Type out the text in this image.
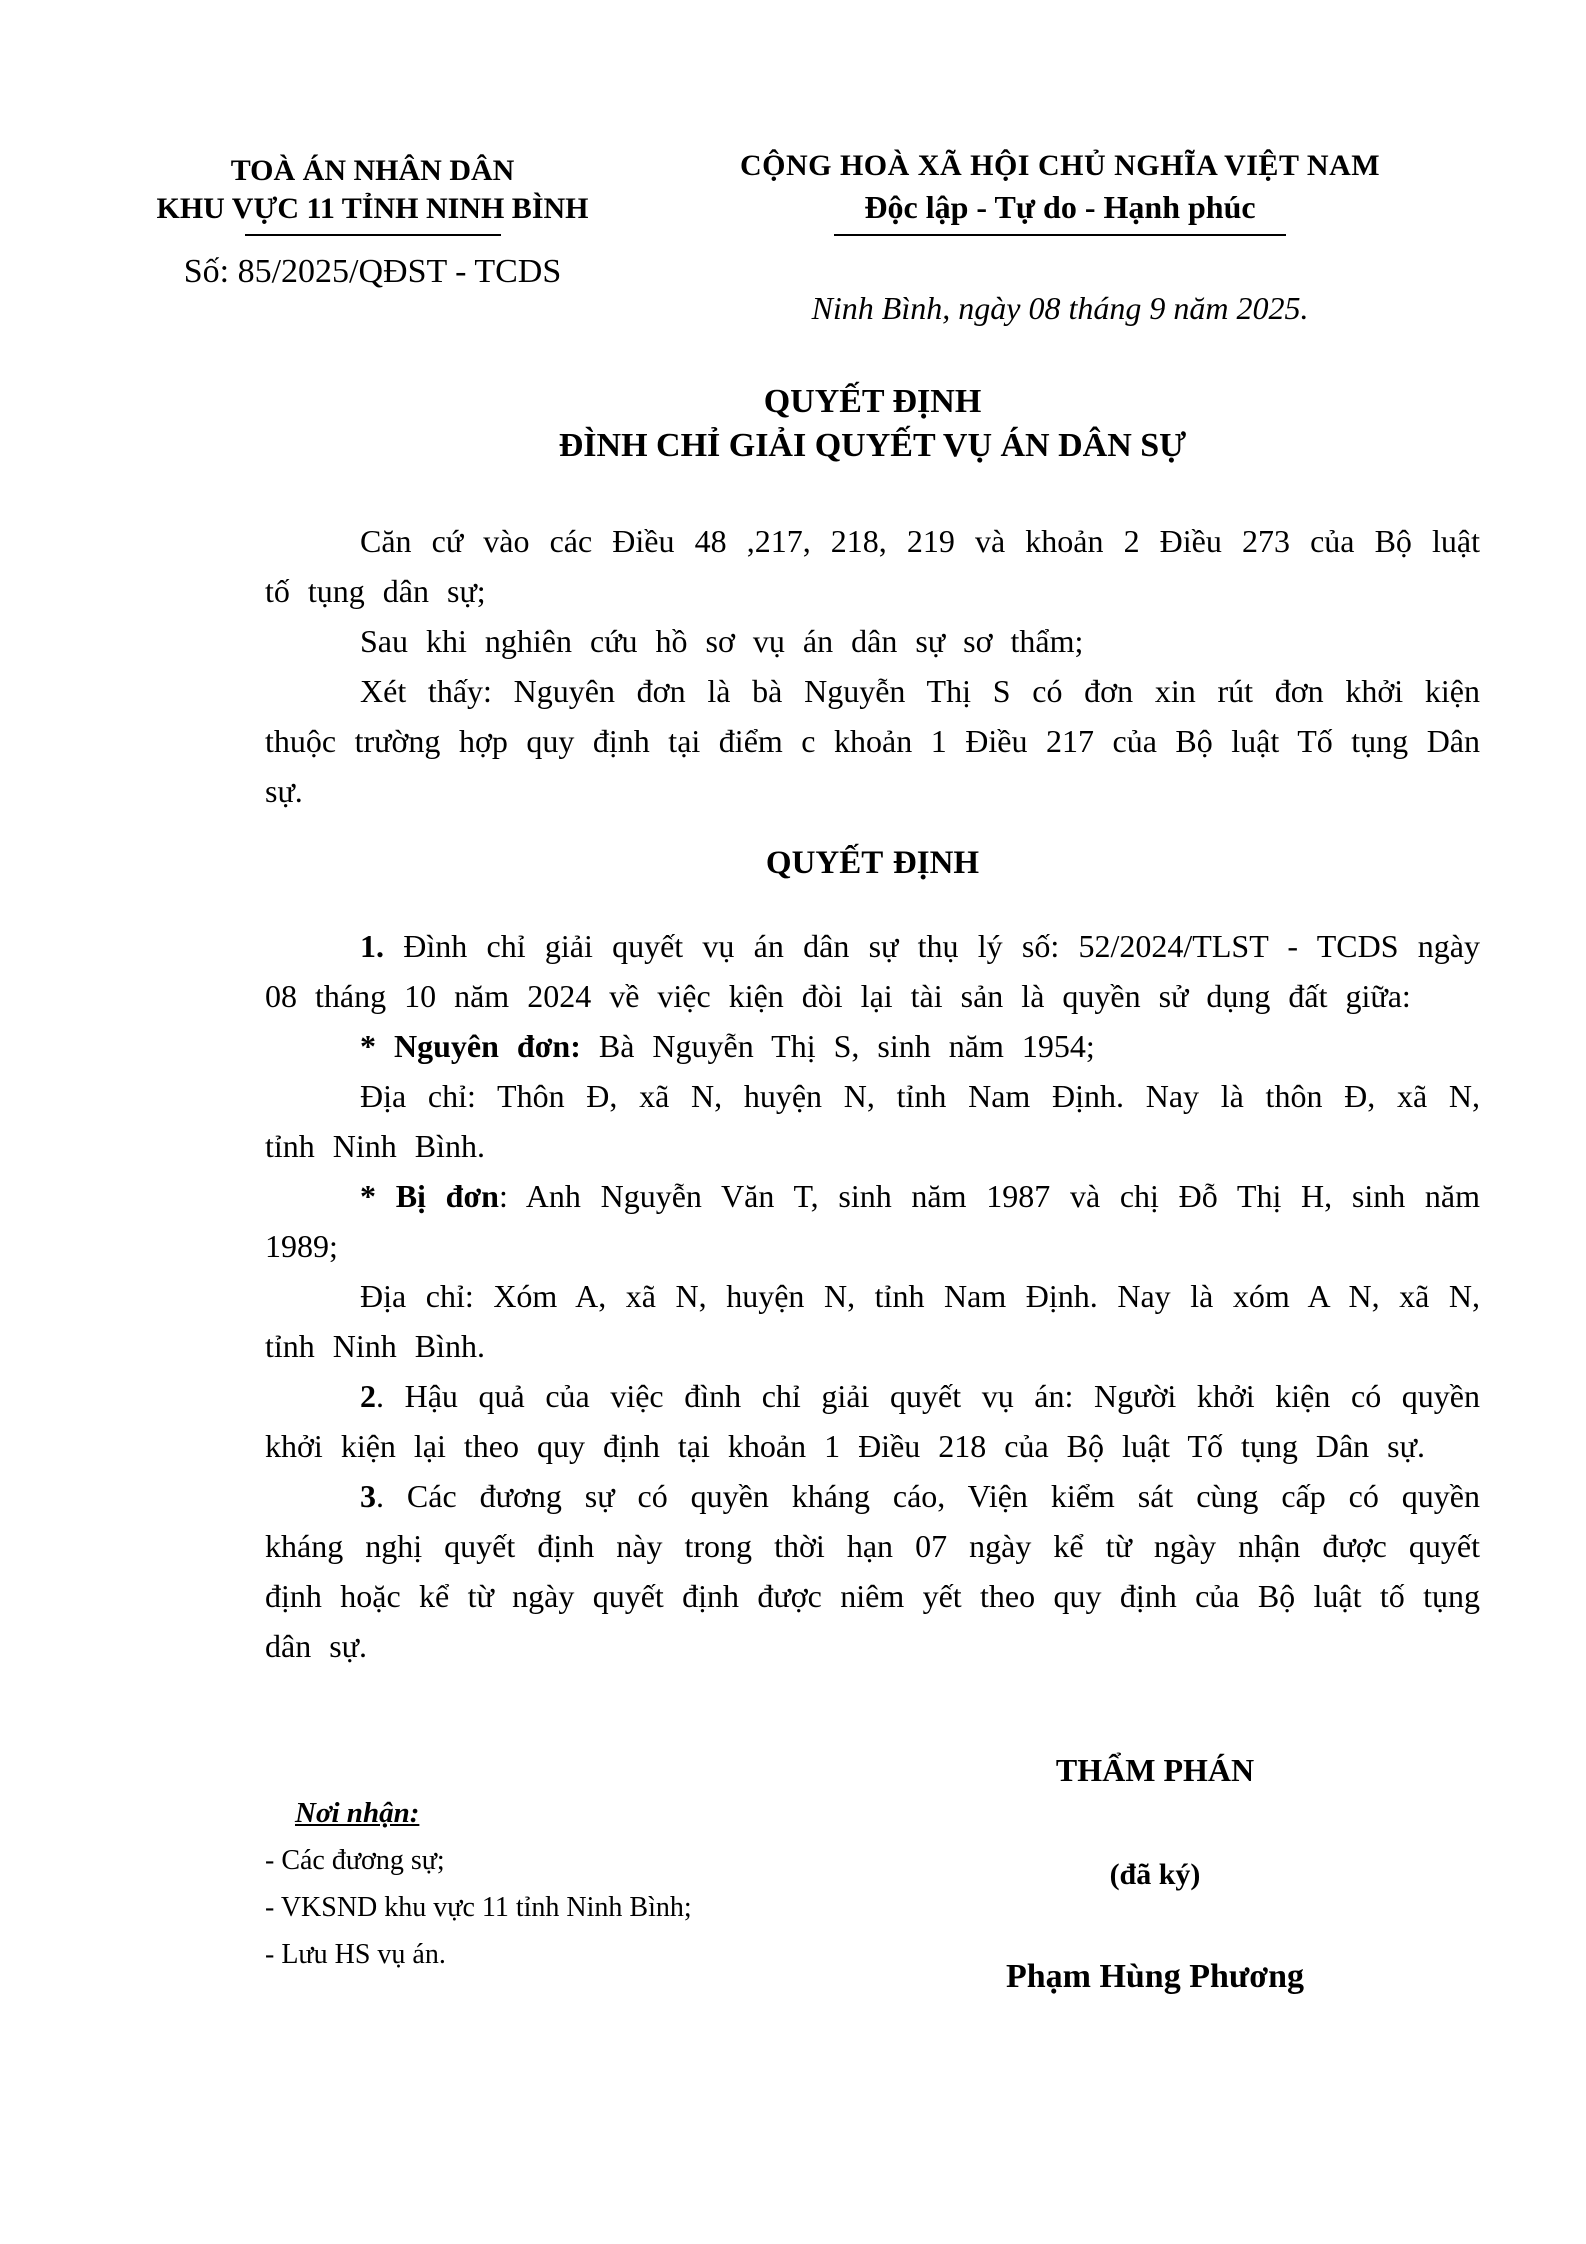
TOÀ ÁN NHÂN DÂN
KHU VỰC 11 TỈNH NINH BÌNH
Số: 85/2025/QĐST - TCDS
CỘNG HOÀ XÃ HỘI CHỦ NGHĨA VIỆT NAM
Độc lập - Tự do - Hạnh phúc
Ninh Bình, ngày 08 tháng 9 năm 2025.
QUYẾT ĐỊNH
ĐÌNH CHỈ GIẢI QUYẾT VỤ ÁN DÂN SỰ

Căn cứ vào các Điều 48 ,217, 218, 219 và khoản 2 Điều 273 của Bộ luật tố tụng dân sự;

Sau khi nghiên cứu hồ sơ vụ án dân sự sơ thẩm;

Xét thấy: Nguyên đơn là bà Nguyễn Thị S có đơn xin rút đơn khởi kiện thuộc trường hợp quy định tại điểm c khoản 1 Điều 217 của Bộ luật Tố tụng Dân sự.

QUYẾT ĐỊNH

1. Đình chỉ giải quyết vụ án dân sự thụ lý số: 52/2024/TLST - TCDS ngày 08 tháng 10 năm 2024 về việc kiện đòi lại tài sản là quyền sử dụng đất giữa:

* Nguyên đơn: Bà Nguyễn Thị S, sinh năm 1954;

Địa chỉ: Thôn Đ, xã N, huyện N, tỉnh Nam Định. Nay là thôn Đ, xã N, tỉnh Ninh Bình.

* Bị đơn: Anh Nguyễn Văn T, sinh năm 1987 và chị Đỗ Thị H, sinh năm 1989;

Địa chỉ: Xóm A, xã N, huyện N, tỉnh Nam Định. Nay là xóm A N, xã N, tỉnh Ninh Bình.

2. Hậu quả của việc đình chỉ giải quyết vụ án: Người khởi kiện có quyền khởi kiện lại theo quy định tại khoản 1 Điều 218 của Bộ luật Tố tụng Dân sự.

3. Các đương sự có quyền kháng cáo, Viện kiểm sát cùng cấp có quyền kháng nghị quyết định này trong thời hạn 07 ngày kể từ ngày nhận được quyết định hoặc kể từ ngày quyết định được niêm yết theo quy định của Bộ luật tố tụng dân sự.

THẨM PHÁN
Nơi nhận:
- Các đương sự;
- VKSND khu vực 11 tỉnh Ninh Bình;
- Lưu HS vụ án.
(đã ký)
Phạm Hùng Phương
